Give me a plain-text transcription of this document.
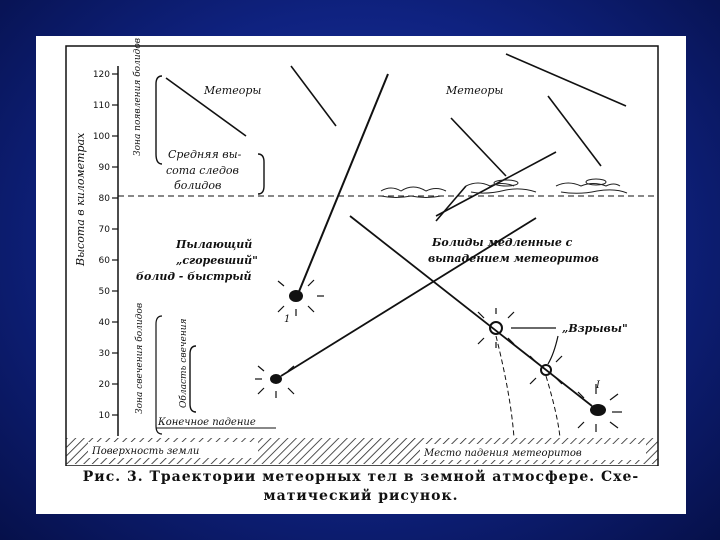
120
110
100
90
80
70
60
50
40
30
20
10
Высота в километрах
Зона появления болидов
Зона свечения болидов	Область свечения
Средняя вы-
сота следов
болидов
Метеоры	Метеоры
1
Пылающий
„сгоревший"
болид - быстрый
Болиды медленные с
выпадением метеоритов
„Взрывы"
I
Конечное падение
Поверхность земли	Место падения метеоритов
Рис. 3. Траектории метеорных тел в земной атмосфере. Схе-
матический рисунок.
